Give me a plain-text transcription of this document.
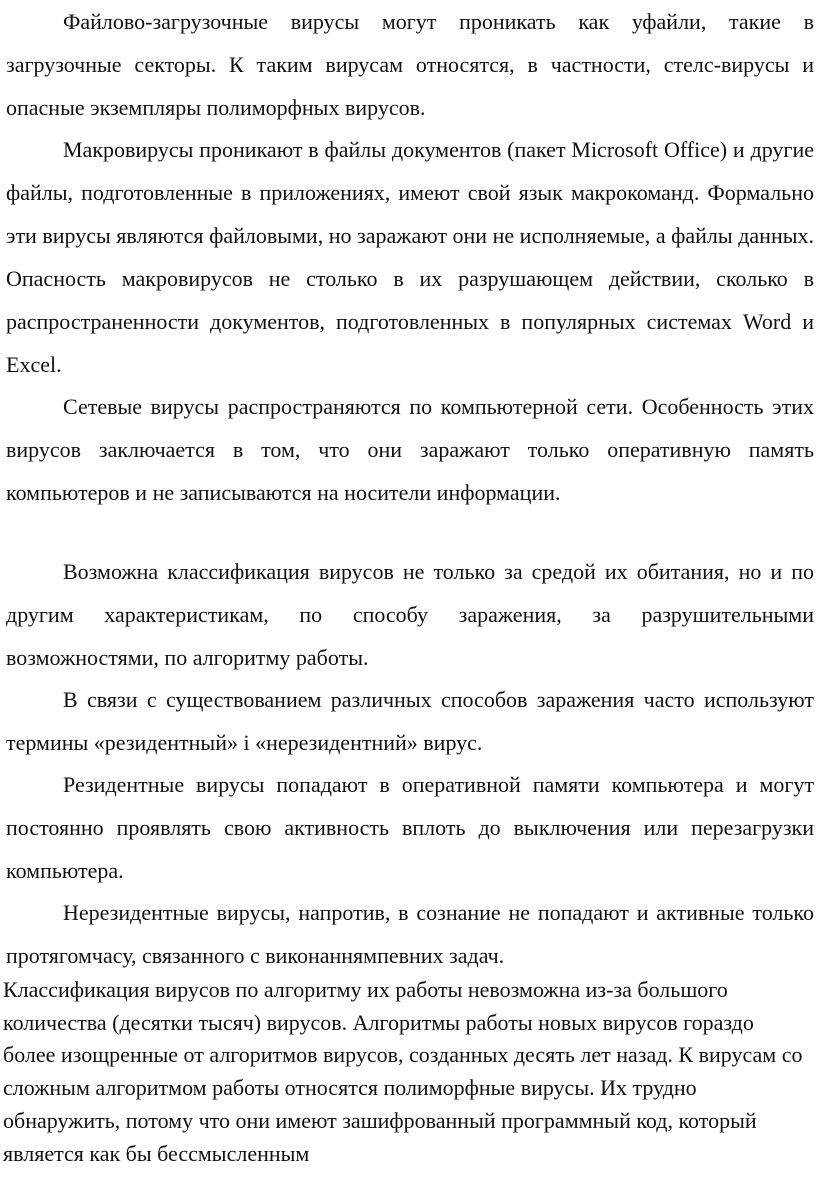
Файлово‑загрузочные вирусы могут проникать как уфайли, такие в загрузочные секторы. К таким вирусам относятся, в частности, стелс-вирусы и опасные экземпляры полиморфных вирусов.

Макровирусы проникают в файлы документов (пакет Microsoft Office) и другие файлы, подготовленные в приложениях, имеют свой язык макрокоманд. Формально эти вирусы являются файловыми, но заражают они не исполняемые, а файлы данных. Опасность макровирусов не столько в их разрушающем действии, сколько в распространенности документов, подготовленных в популярных системах Word и Excel.

Сетевые вирусы распространяются по компьютерной сети. Особенность этих вирусов заключается в том, что они заражают только оперативную память компьютеров и не записываются на носители информации.

Возможна классификация вирусов не только за средой их обитания, но и по другим характеристикам, по способу заражения, за разрушительными возможностями, по алгоритму работы.

В связи с существованием различных способов заражения часто используют термины «резидентный» і «нерезидентний» вирус.

Резидентные вирусы попадают в оперативной памяти компьютера и могут постоянно проявлять свою активность вплоть до выключения или перезагрузки компьютера.

Нерезидентные вирусы, напротив, в сознание не попадают и активные только протягомчасу, связанного с виконаннямпевних задач.

Классификация вирусов по алгоритму их работы невозможна из-за большого количества (десятки тысяч) вирусов. Алгоритмы работы новых вирусов гораздо более изощренные от алгоритмов вирусов, созданных десять лет назад. К вирусам со сложным алгоритмом работы относятся полиморфные вирусы. Их трудно обнаружить, потому что они имеют зашифрованный программный код, который является как бы бессмысленным
